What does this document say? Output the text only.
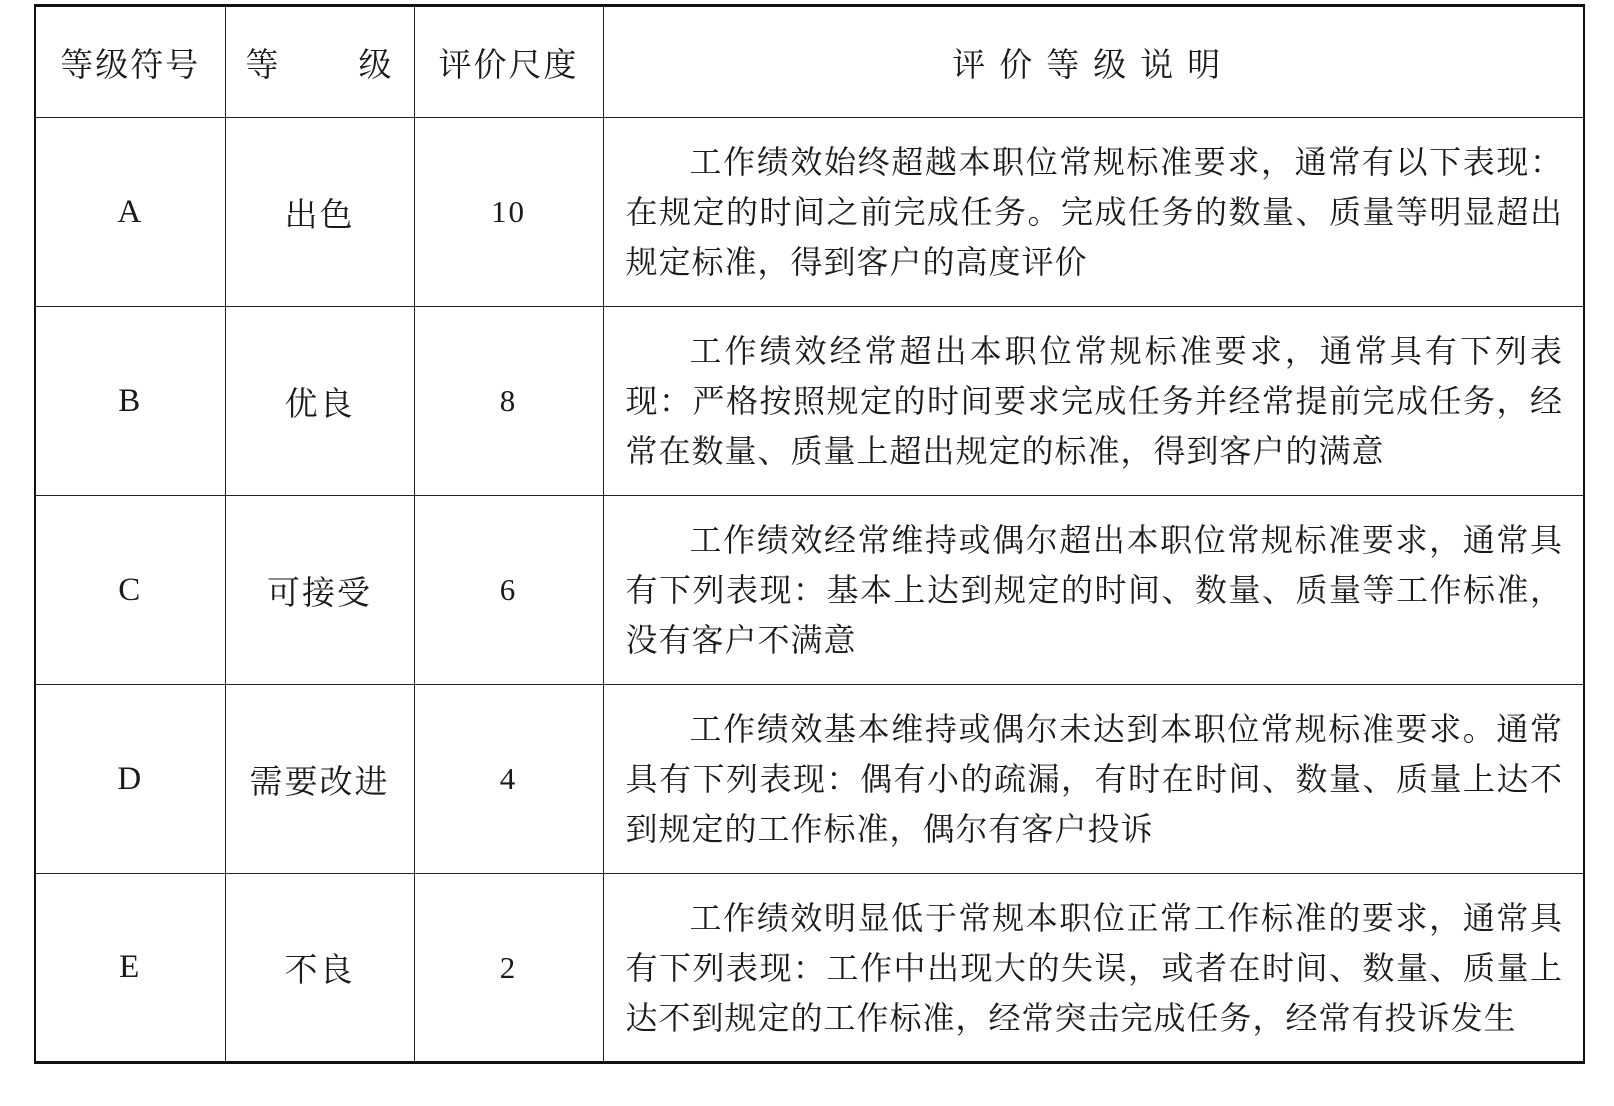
等级符号	等 级	评价尺度	评价等级说明
A	出色	10	工作绩效始终超越本职位常规标准要求，通常有以下表现：在规定的时间之前完成任务。完成任务的数量、质量等明显超出规定标准，得到客户的高度评价
B	优良	8	工作绩效经常超出本职位常规标准要求，通常具有下列表现：严格按照规定的时间要求完成任务并经常提前完成任务，经常在数量、质量上超出规定的标准，得到客户的满意
C	可接受	6	工作绩效经常维持或偶尔超出本职位常规标准要求，通常具有下列表现：基本上达到规定的时间、数量、质量等工作标准，没有客户不满意
D	需要改进	4	工作绩效基本维持或偶尔未达到本职位常规标准要求。通常具有下列表现：偶有小的疏漏，有时在时间、数量、质量上达不到规定的工作标准，偶尔有客户投诉
E	不良	2	工作绩效明显低于常规本职位正常工作标准的要求，通常具有下列表现：工作中出现大的失误，或者在时间、数量、质量上达不到规定的工作标准，经常突击完成任务，经常有投诉发生
